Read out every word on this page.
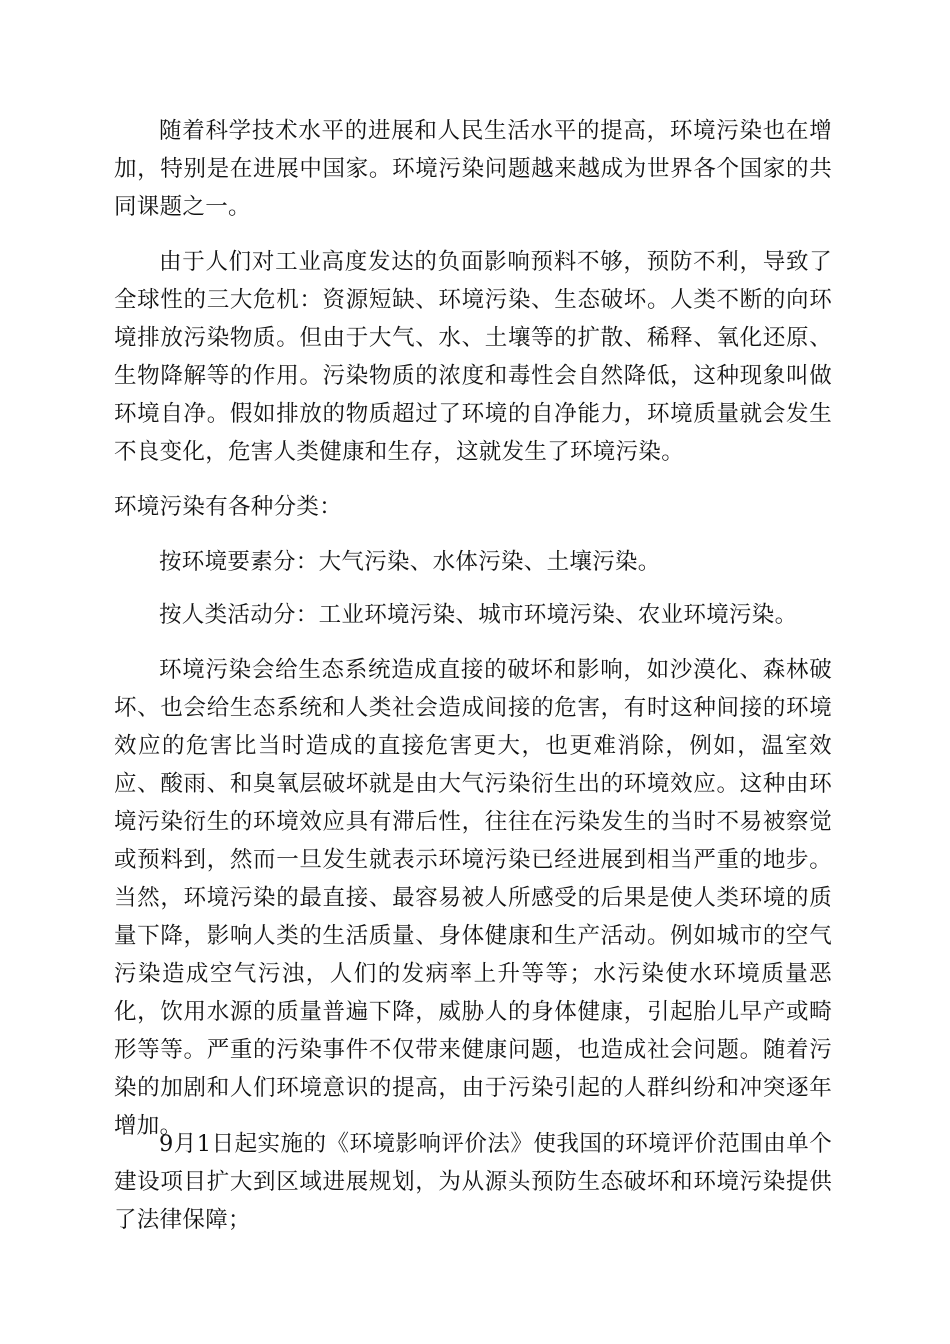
随着科学技术水平的进展和人民生活水平的提高，环境污染也在增加，特别是在进展中国家。环境污染问题越来越成为世界各个国家的共同课题之一。

由于人们对工业高度发达的负面影响预料不够，预防不利，导致了全球性的三大危机：资源短缺、环境污染、生态破坏。人类不断的向环境排放污染物质。但由于大气、水、土壤等的扩散、稀释、氧化还原、生物降解等的作用。污染物质的浓度和毒性会自然降低，这种现象叫做环境自净。假如排放的物质超过了环境的自净能力，环境质量就会发生不良变化，危害人类健康和生存，这就发生了环境污染。

环境污染有各种分类：

按环境要素分：大气污染、水体污染、土壤污染。

按人类活动分：工业环境污染、城市环境污染、农业环境污染。

环境污染会给生态系统造成直接的破坏和影响，如沙漠化、森林破坏、也会给生态系统和人类社会造成间接的危害，有时这种间接的环境效应的危害比当时造成的直接危害更大，也更难消除，例如，温室效应、酸雨、和臭氧层破坏就是由大气污染衍生出的环境效应。这种由环境污染衍生的环境效应具有滞后性，往往在污染发生的当时不易被察觉或预料到，然而一旦发生就表示环境污染已经进展到相当严重的地步。当然，环境污染的最直接、最容易被人所感受的后果是使人类环境的质量下降，影响人类的生活质量、身体健康和生产活动。例如城市的空气污染造成空气污浊，人们的发病率上升等等；水污染使水环境质量恶化，饮用水源的质量普遍下降，威胁人的身体健康，引起胎儿早产或畸形等等。严重的污染事件不仅带来健康问题，也造成社会问题。随着污染的加剧和人们环境意识的提高，由于污染引起的人群纠纷和冲突逐年增加。

9月1日起实施的《环境影响评价法》使我国的环境评价范围由单个建设项目扩大到区域进展规划，为从源头预防生态破坏和环境污染提供了法律保障；
